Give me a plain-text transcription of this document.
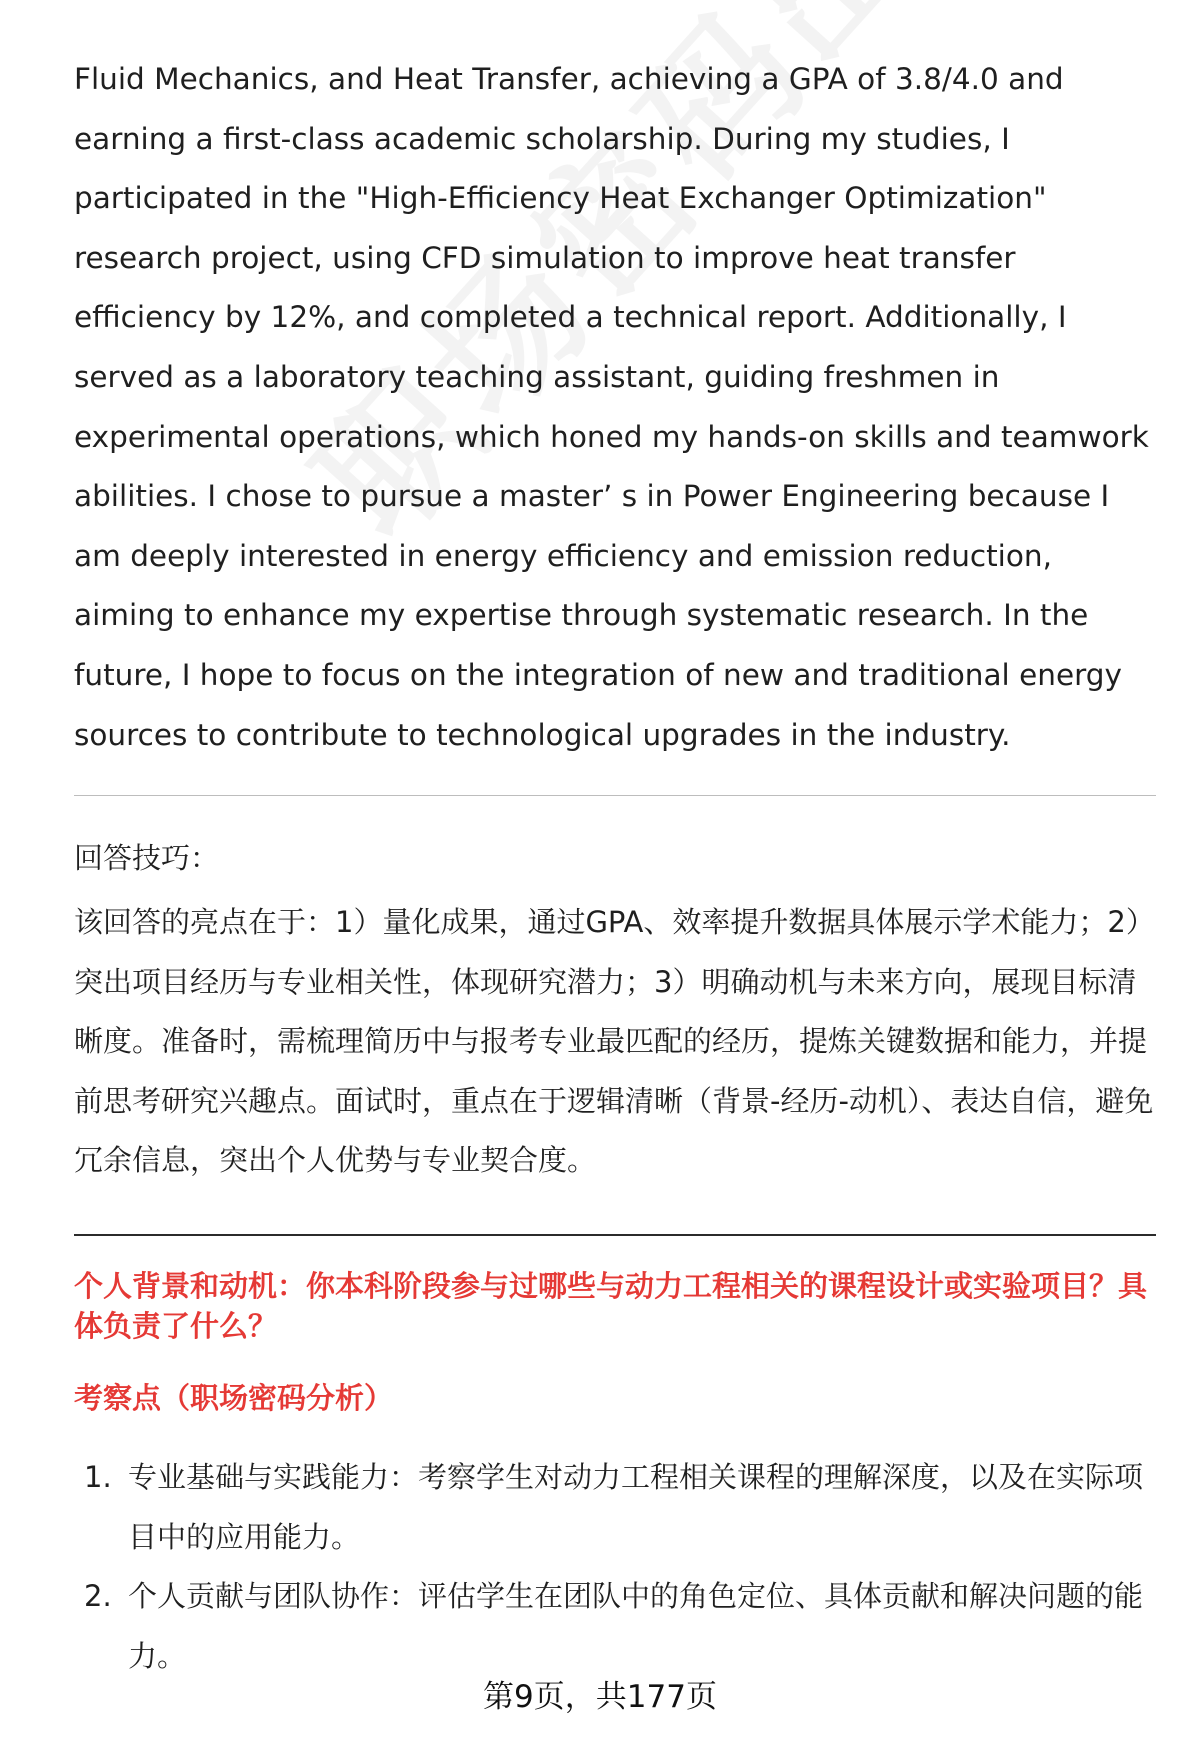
Fluid Mechanics, and Heat Transfer, achieving a GPA of 3.8/4.0 and earning a first-class academic scholarship. During my studies, I participated in the "High-Efficiency Heat Exchanger Optimization" research project, using CFD simulation to improve heat transfer efficiency by 12%, and completed a technical report. Additionally, I served as a laboratory teaching assistant, guiding freshmen in experimental operations, which honed my hands-on skills and teamwork abilities. I chose to pursue a master’ s in Power Engineering because I am deeply interested in energy efficiency and emission reduction, aiming to enhance my expertise through systematic research. In the future, I hope to focus on the integration of new and traditional energy sources to contribute to technological upgrades in the industry.

回答技巧：

该回答的亮点在于：1）量化成果，通过GPA、效率提升数据具体展示学术能力；2）突出项目经历与专业相关性，体现研究潜力；3）明确动机与未来方向，展现目标清晰度。准备时，需梳理简历中与报考专业最匹配的经历，提炼关键数据和能力，并提前思考研究兴趣点。面试时，重点在于逻辑清晰（背景-经历-动机）、表达自信，避免冗余信息，突出个人优势与专业契合度。

个人背景和动机：你本科阶段参与过哪些与动力工程相关的课程设计或实验项目？具体负责了什么？

考察点（职场密码分析）

1. 专业基础与实践能力：考察学生对动力工程相关课程的理解深度，以及在实际项目中的应用能力。
2. 个人贡献与团队协作：评估学生在团队中的角色定位、具体贡献和解决问题的能力。
第9页，共177页
